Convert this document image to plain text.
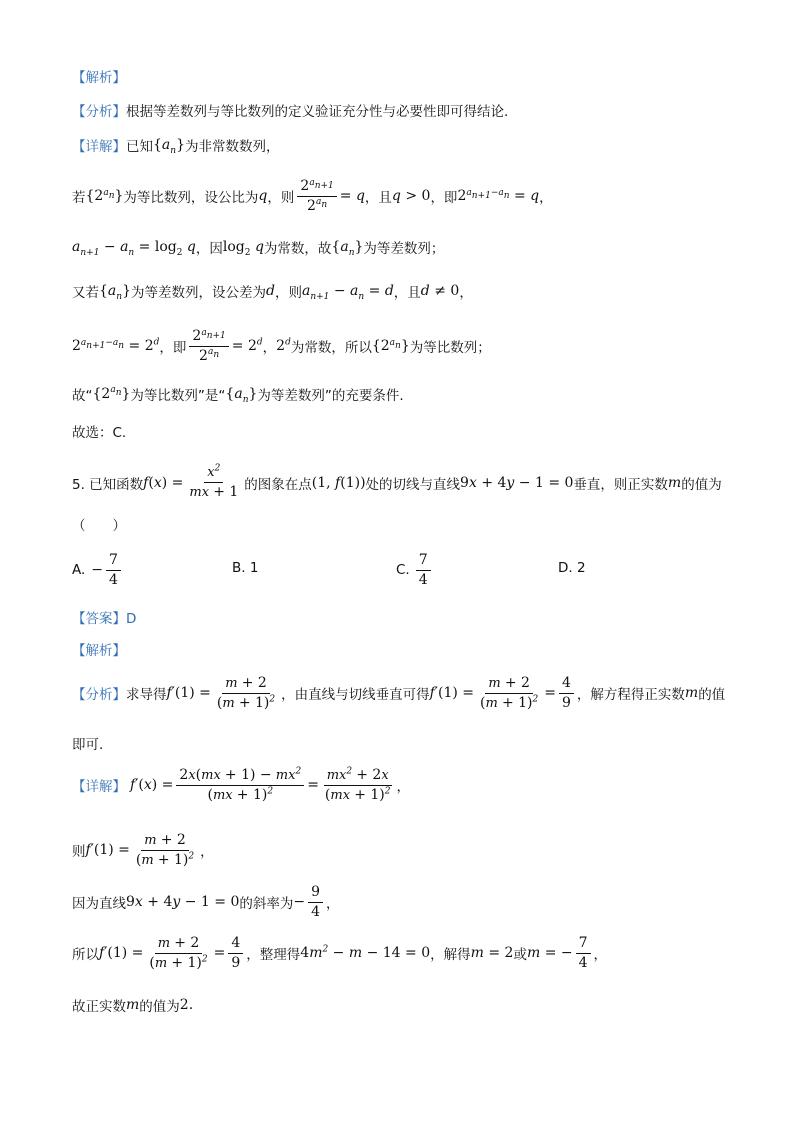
【解析】
【分析】 根据等差数列与等比数列的定义验证充分性与必要性即可得结论.
【详解】 已知 $\{a_n\}$ 为非常数数列，
若 $\{2^{a_n}\}$ 为等比数列，设公比为 q ，则 $\frac{2^{a_{n+1}}}{2^{a_n}} = q$ ，且 q > 0 ，即 $2^{a_{n+1}-a_n} = q$ ，
$a_{n+1} - a_n = \log_2 q$ ，因 $\log_2 q$ 为常数，故 $\{a_n\}$ 为等差数列；
又若 $\{a_n\}$ 为等差数列，设公差为 d ，则 $a_{n+1} - a_n = d$ ，且 d ≠ 0 ，
$2^{a_{n+1}-a_n} = 2^d$ ，即 $\frac{2^{a_{n+1}}}{2^{a_n}} = 2^d$ ， 2$^d$ 为常数，所以 $\{2^{a_n}\}$ 为等比数列；
故“ $\{2^{a_n}\}$ 为等比数列”是“ $\{a_n\}$ 为等差数列”的充要条件.
故选：C.
5. 已知函数 $f(x) = \frac{x^2}{mx + 1}$ 的图象在点 (1, f(1)) 处的切线与直线 9x + 4y − 1 = 0 垂直，则正实数 m 的值为
（　　）
A. − $\frac{7}{4}$	B. 1	C. $\frac{7}{4}$	D. 2
【答案】D
【解析】
【分析】 求导得 $f'(1) = \frac{m + 2}{(m + 1)^2}$ ，由直线与切线垂直可得 $f'(1) = \frac{m + 2}{(m + 1)^2} = \frac{4}{9}$ ，解方程得正实数 m 的值
即可.
【详解】 $f'(x) = \frac{2x(mx + 1) - mx^2}{(mx + 1)^2} = \frac{mx^2 + 2x}{(mx + 1)^2}$ ，
则 $f'(1) = \frac{m + 2}{(m + 1)^2}$ ，
因为直线 9x + 4y − 1 = 0 的斜率为 − $\frac{9}{4}$ ，
所以 $f'(1) = \frac{m + 2}{(m + 1)^2} = \frac{4}{9}$ ，整理得 $4m^2 - m - 14 = 0$ ，解得 m = 2 或 m = − $\frac{7}{4}$ ，
故正实数 m 的值为 2.
